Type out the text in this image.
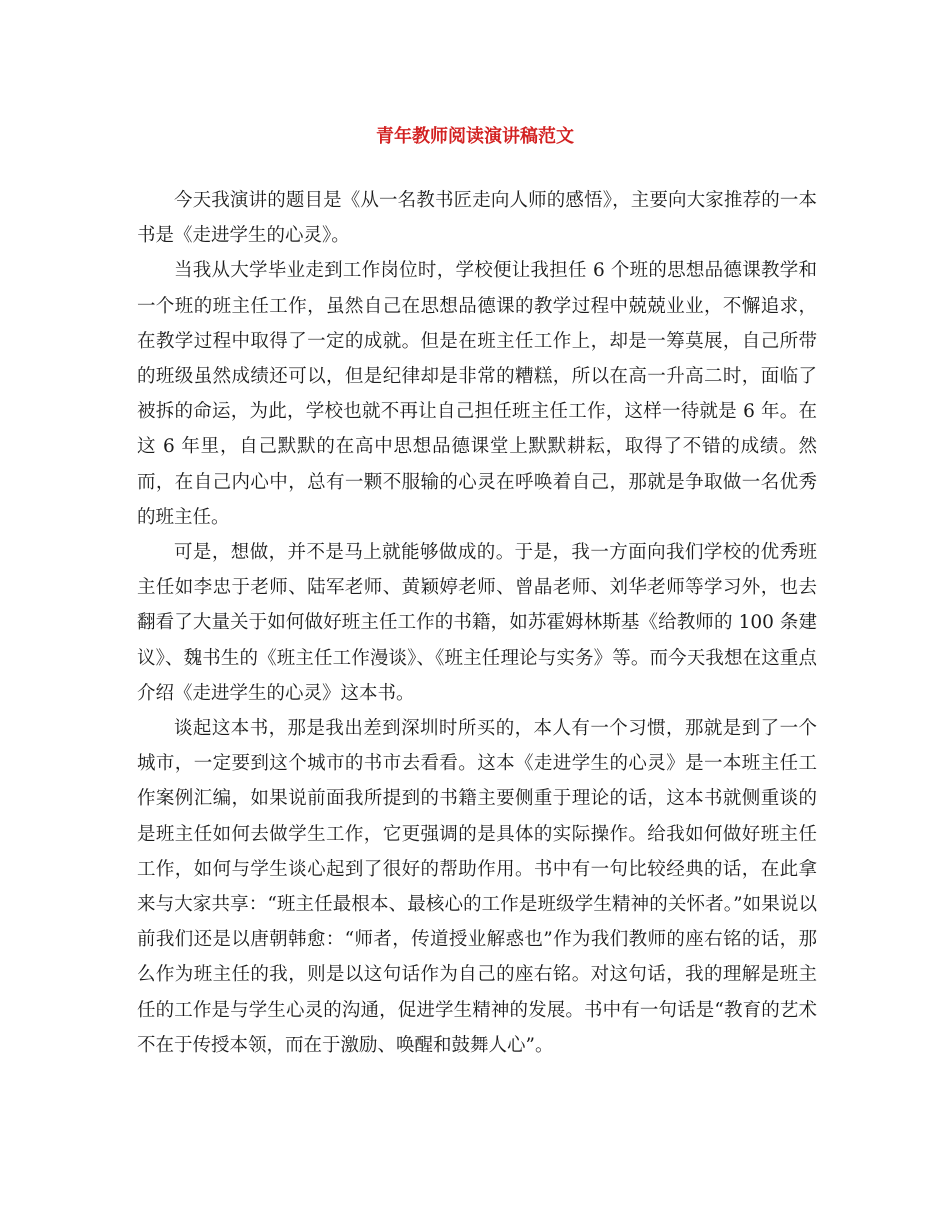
青年教师阅读演讲稿范文

今天我演讲的题目是《从一名教书匠走向人师的感悟》，主要向大家推荐的一本书是《走进学生的心灵》。

当我从大学毕业走到工作岗位时，学校便让我担任 6 个班的思想品德课教学和一个班的班主任工作，虽然自己在思想品德课的教学过程中兢兢业业，不懈追求，在教学过程中取得了一定的成就。但是在班主任工作上，却是一筹莫展，自己所带的班级虽然成绩还可以，但是纪律却是非常的糟糕，所以在高一升高二时，面临了被拆的命运，为此，学校也就不再让自己担任班主任工作，这样一待就是 6 年。在这 6 年里，自己默默的在高中思想品德课堂上默默耕耘，取得了不错的成绩。然而，在自己内心中，总有一颗不服输的心灵在呼唤着自己，那就是争取做一名优秀的班主任。

可是，想做，并不是马上就能够做成的。于是，我一方面向我们学校的优秀班主任如李忠于老师、陆军老师、黄颖婷老师、曾晶老师、刘华老师等学习外，也去翻看了大量关于如何做好班主任工作的书籍，如苏霍姆林斯基《给教师的 100 条建议》、魏书生的《班主任工作漫谈》、《班主任理论与实务》等。而今天我想在这重点介绍《走进学生的心灵》这本书。

谈起这本书，那是我出差到深圳时所买的，本人有一个习惯，那就是到了一个城市，一定要到这个城市的书市去看看。这本《走进学生的心灵》是一本班主任工作案例汇编，如果说前面我所提到的书籍主要侧重于理论的话，这本书就侧重谈的是班主任如何去做学生工作，它更强调的是具体的实际操作。给我如何做好班主任工作，如何与学生谈心起到了很好的帮助作用。书中有一句比较经典的话，在此拿来与大家共享：“班主任最根本、最核心的工作是班级学生精神的关怀者。”如果说以前我们还是以唐朝韩愈：“师者，传道授业解惑也”作为我们教师的座右铭的话，那么作为班主任的我，则是以这句话作为自己的座右铭。对这句话，我的理解是班主任的工作是与学生心灵的沟通，促进学生精神的发展。书中有一句话是“教育的艺术不在于传授本领，而在于激励、唤醒和鼓舞人心”。
